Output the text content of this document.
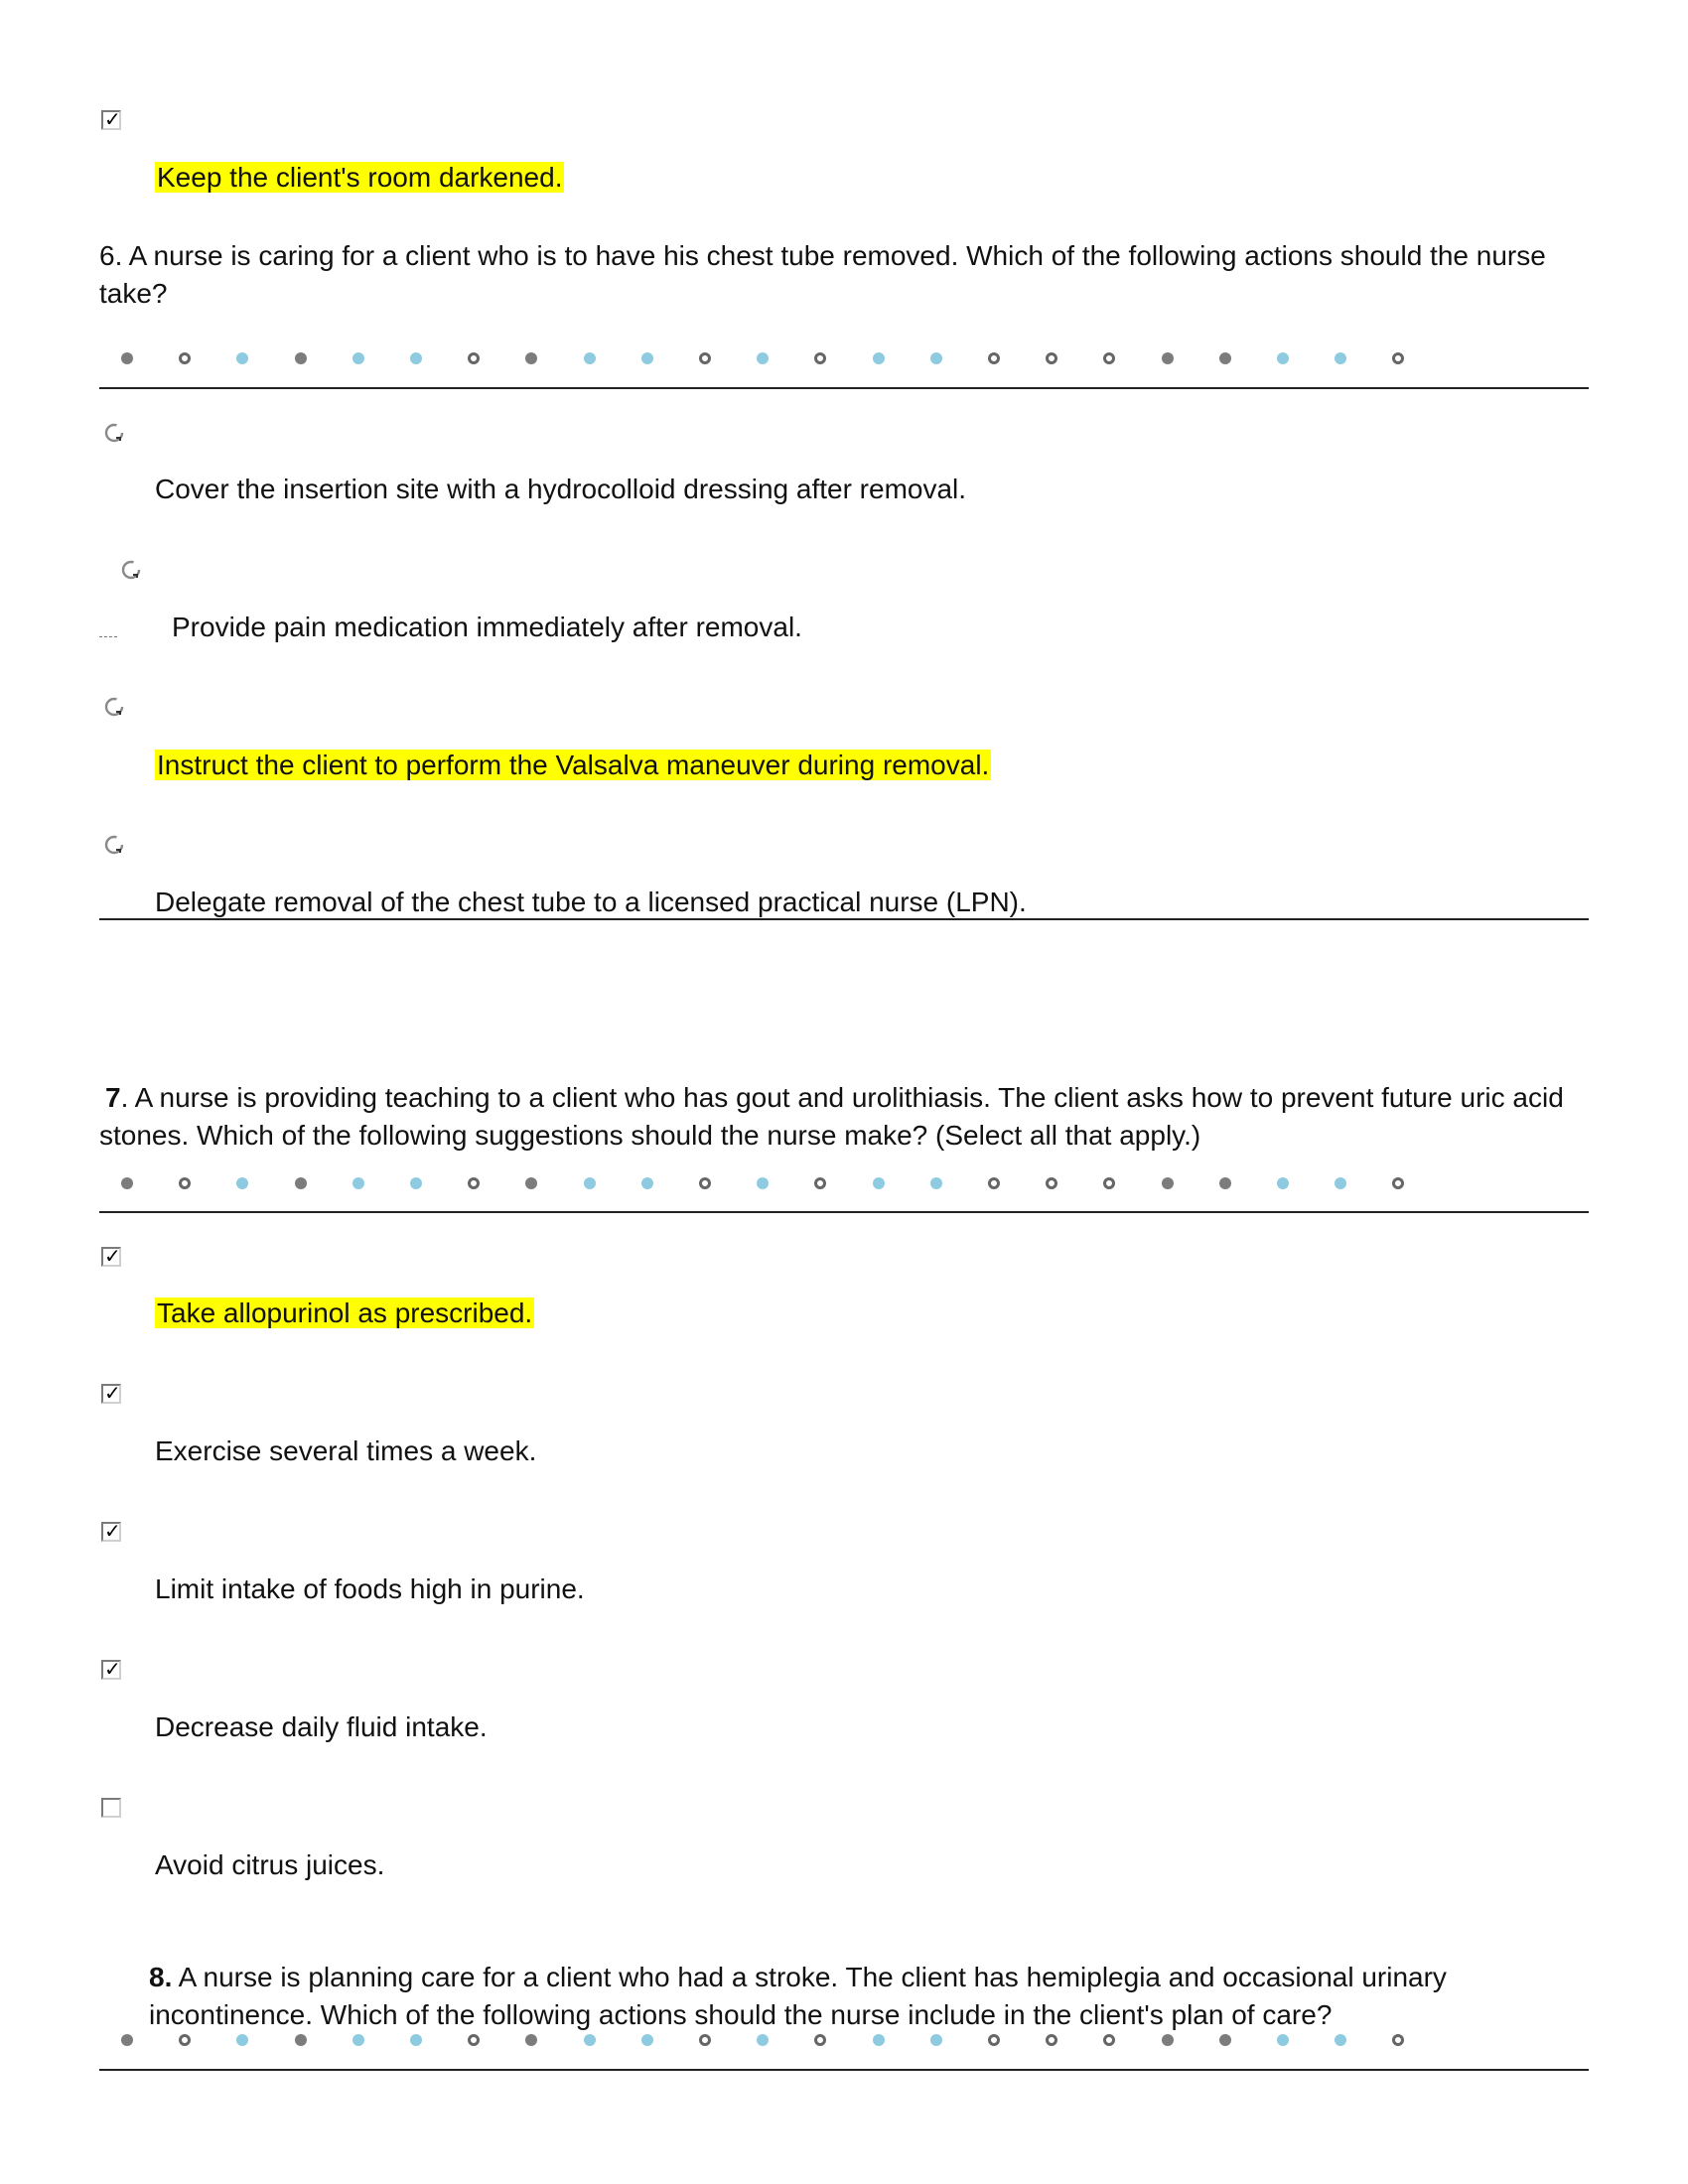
✓
Keep the client's room darkened.
6. A nurse is caring for a client who is to have his chest tube removed. Which of the following actions should the nurse take?
Cover the insertion site with a hydrocolloid dressing after removal.
Provide pain medication immediately after removal.
Instruct the client to perform the Valsalva maneuver during removal.
Delegate removal of the chest tube to a licensed practical nurse (LPN).
7. A nurse is providing teaching to a client who has gout and urolithiasis. The client asks how to prevent future uric acid stones. Which of the following suggestions should the nurse make? (Select all that apply.)
✓
Take allopurinol as prescribed.
✓
Exercise several times a week.
✓
Limit intake of foods high in purine.
✓
Decrease daily fluid intake.
Avoid citrus juices.
8. A nurse is planning care for a client who had a stroke. The client has hemiplegia and occasional urinary incontinence. Which of the following actions should the nurse include in the client's plan of care?
